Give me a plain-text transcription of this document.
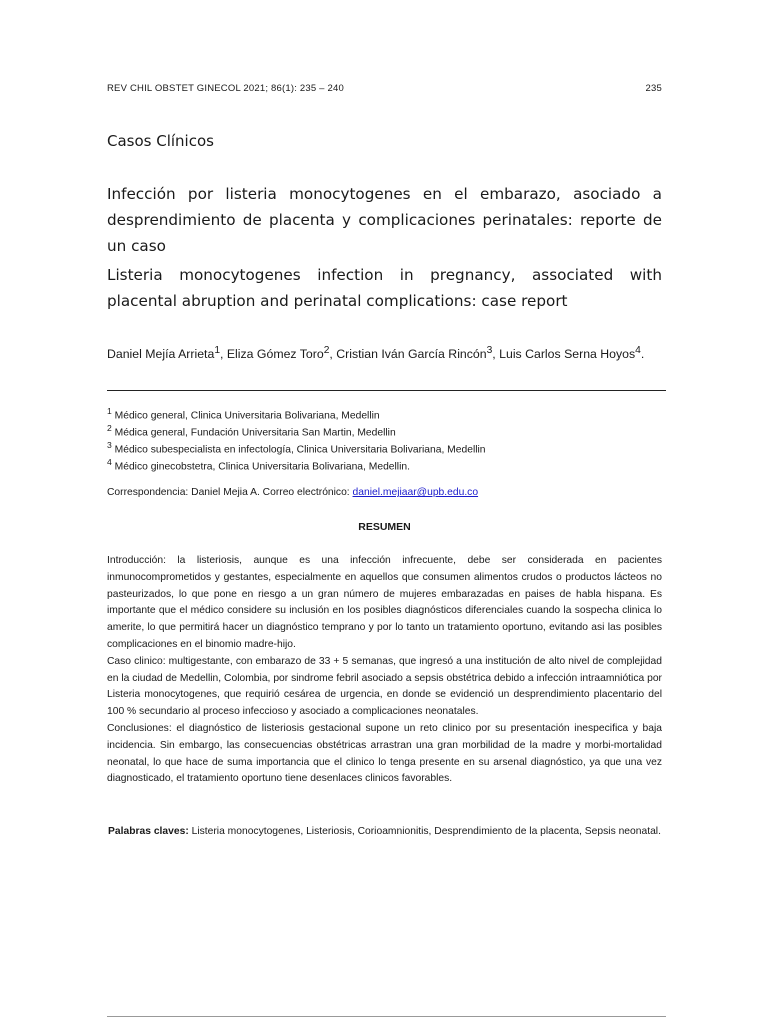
REV CHIL OBSTET GINECOL 2021; 86(1): 235 – 240	235
Casos Clínicos
Infección por listeria monocytogenes en el embarazo, asociado a desprendimiento de placenta y complicaciones perinatales: reporte de un caso
Listeria monocytogenes infection in pregnancy, associated with placental abruption and perinatal complications: case report
Daniel Mejía Arrieta$^1$, Eliza Gómez Toro$^2$, Cristian Iván García Rincón$^3$, Luis Carlos Serna Hoyos$^4$.
$^1$ Médico general, Clinica Universitaria Bolivariana, Medellin
$^2$ Médica general, Fundación Universitaria San Martin, Medellin
$^3$ Médico subespecialista en infectología, Clinica Universitaria Bolivariana, Medellin
$^4$ Médico ginecobstetra, Clinica Universitaria Bolivariana, Medellin.
Correspondencia: Daniel Mejia A. Correo electrónico: daniel.mejiaar@upb.edu.co
RESUMEN

Introducción: la listeriosis, aunque es una infección infrecuente, debe ser considerada en pacientes inmunocomprometidos y gestantes, especialmente en aquellos que consumen alimentos crudos o productos lácteos no pasteurizados, lo que pone en riesgo a un gran número de mujeres embarazadas en paises de habla hispana. Es importante que el médico considere su inclusión en los posibles diagnósticos diferenciales cuando la sospecha clinica lo amerite, lo que permitirá hacer un diagnóstico temprano y por lo tanto un tratamiento oportuno, evitando asi las posibles complicaciones en el binomio madre-hijo.

Caso clinico: multigestante, con embarazo de 33 + 5 semanas, que ingresó a una institución de alto nivel de complejidad en la ciudad de Medellin, Colombia, por sindrome febril asociado a sepsis obstétrica debido a infección intraamniótica por Listeria monocytogenes, que requirió cesárea de urgencia, en donde se evidenció un desprendimiento placentario del 100 % secundario al proceso infeccioso y asociado a complicaciones neonatales.

Conclusiones: el diagnóstico de listeriosis gestacional supone un reto clinico por su presentación inespecifica y baja incidencia. Sin embargo, las consecuencias obstétricas arrastran una gran morbilidad de la madre y morbi-mortalidad neonatal, lo que hace de suma importancia que el clinico lo tenga presente en su arsenal diagnóstico, ya que una vez diagnosticado, el tratamiento oportuno tiene desenlaces clinicos favorables.

Palabras claves: Listeria monocytogenes, Listeriosis, Corioamnionitis, Desprendimiento de la placenta, Sepsis neonatal.
